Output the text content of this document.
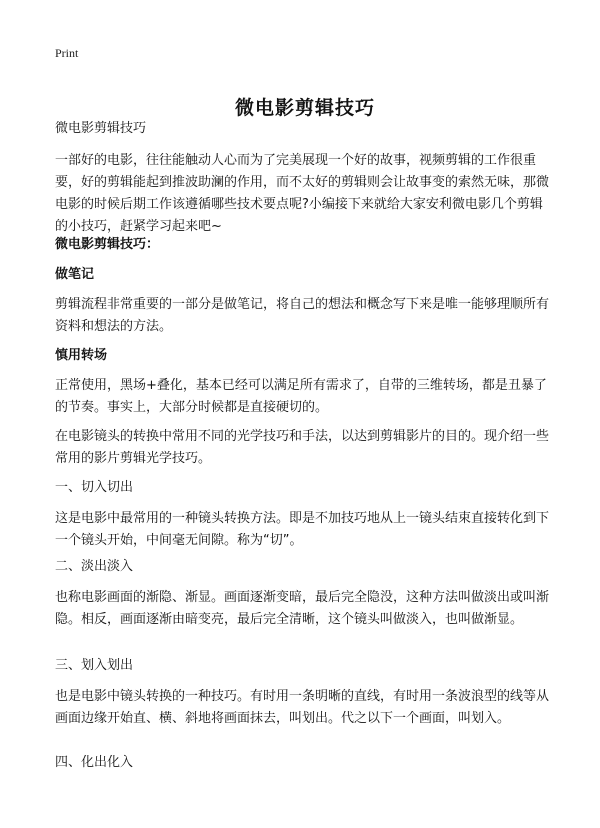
Print
微电影剪辑技巧

微电影剪辑技巧

一部好的电影，往往能触动人心而为了完美展现一个好的故事，视频剪辑的工作很重要，好的剪辑能起到推波助澜的作用，而不太好的剪辑则会让故事变的索然无味，那微电影的时候后期工作该遵循哪些技术要点呢?小编接下来就给大家安利微电影几个剪辑的小技巧，赶紧学习起来吧~

微电影剪辑技巧：

做笔记

剪辑流程非常重要的一部分是做笔记，将自己的想法和概念写下来是唯一能够理顺所有资料和想法的方法。

慎用转场

正常使用，黑场+叠化，基本已经可以满足所有需求了，自带的三维转场，都是丑暴了的节奏。事实上，大部分时候都是直接硬切的。

在电影镜头的转换中常用不同的光学技巧和手法，以达到剪辑影片的目的。现介绍一些常用的影片剪辑光学技巧。

一、切入切出

这是电影中最常用的一种镜头转换方法。即是不加技巧地从上一镜头结束直接转化到下一个镜头开始，中间毫无间隙。称为“切”。

二、淡出淡入

也称电影画面的渐隐、渐显。画面逐渐变暗，最后完全隐没，这种方法叫做淡出或叫渐隐。相反，画面逐渐由暗变亮，最后完全清晰，这个镜头叫做淡入，也叫做渐显。

三、划入划出

也是电影中镜头转换的一种技巧。有时用一条明晰的直线，有时用一条波浪型的线等从画面边缘开始直、横、斜地将画面抹去，叫划出。代之以下一个画面，叫划入。

四、化出化入
